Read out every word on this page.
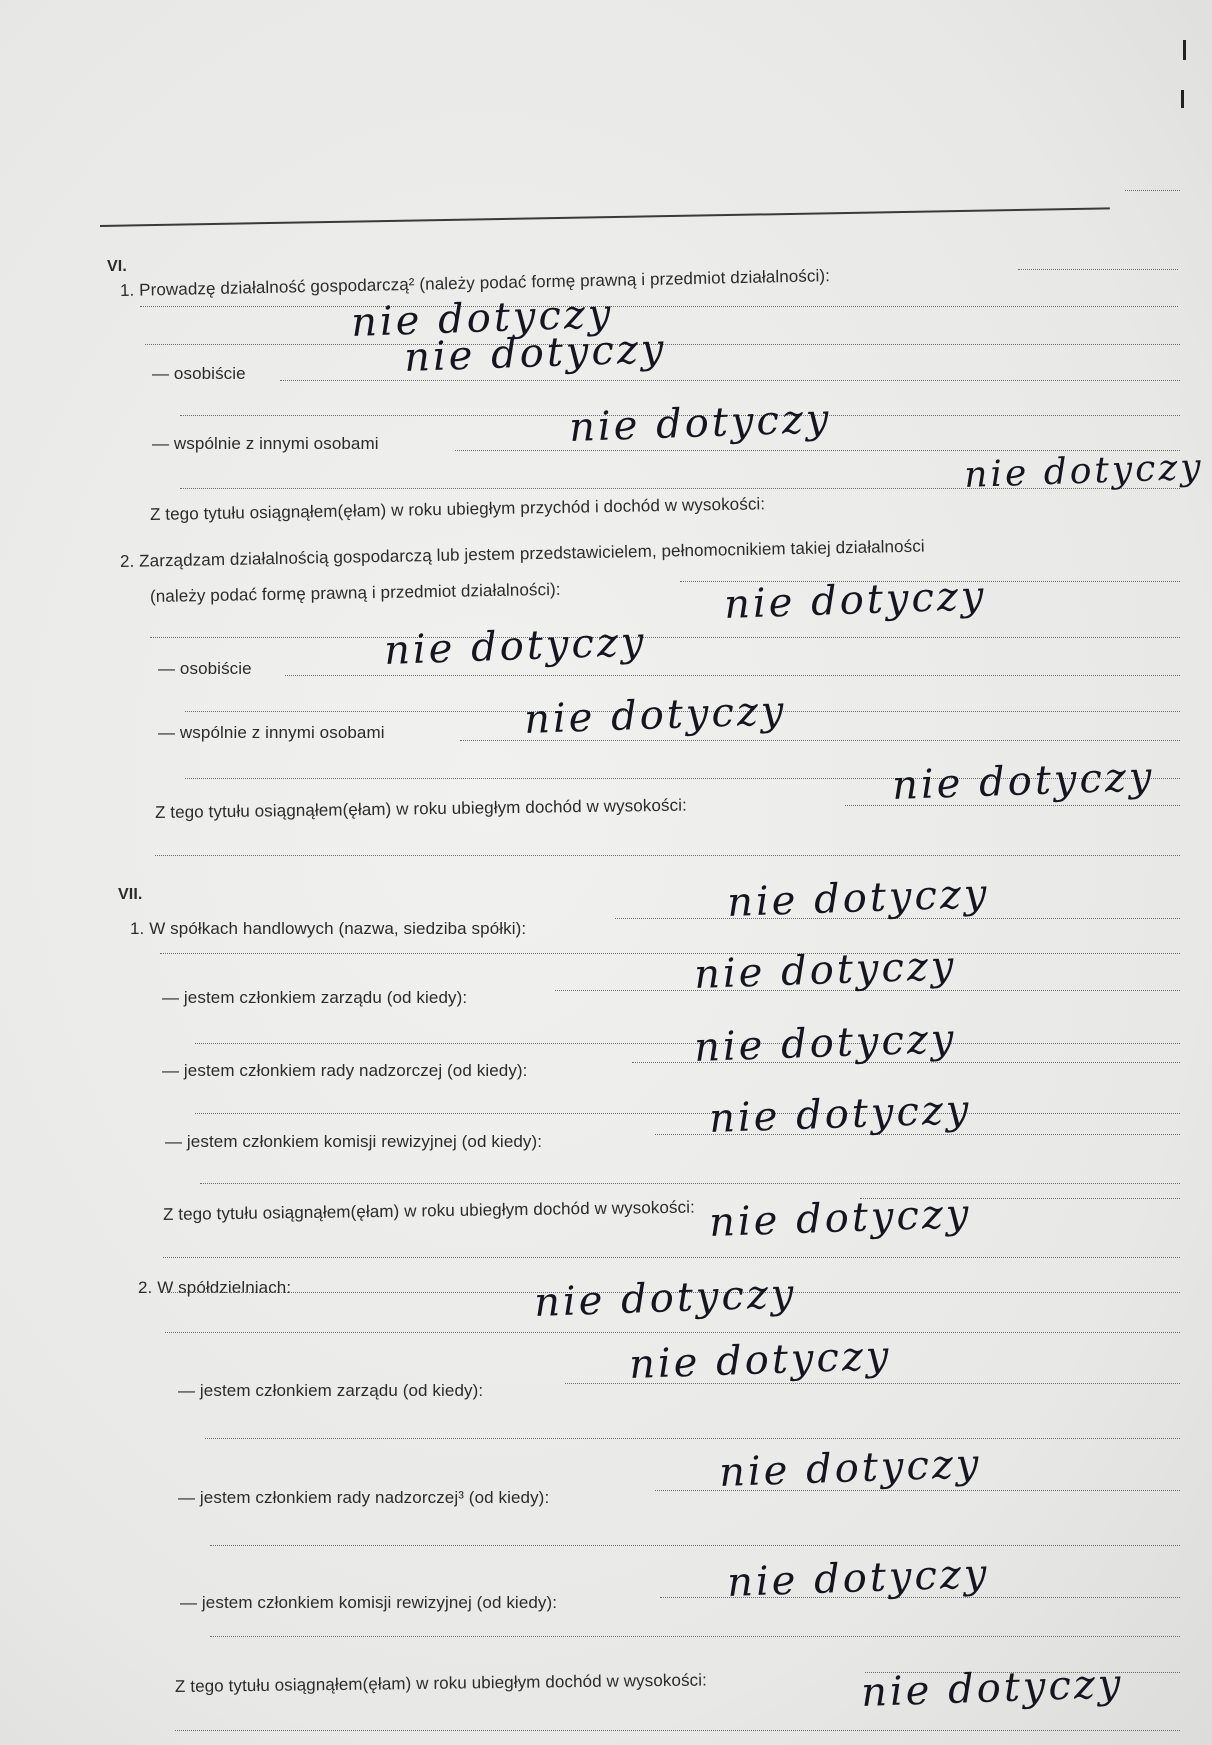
VI.
1. Prowadzę działalność gospodarczą² (należy podać formę prawną i przedmiot działalności):
nie dotyczy
— osobiście	nie dotyczy
— wspólnie z innymi osobami	nie dotyczy
Z tego tytułu osiągnąłem(ęłam) w roku ubiegłym przychód i dochód w wysokości:
nie dotyczy
2. Zarządzam działalnością gospodarczą lub jestem przedstawicielem, pełnomocnikiem takiej działalności
(należy podać formę prawną i przedmiot działalności):	nie dotyczy
— osobiście	nie dotyczy
— wspólnie z innymi osobami	nie dotyczy
Z tego tytułu osiągnąłem(ęłam) w roku ubiegłym dochód w wysokości:	nie dotyczy
VII.
1. W spółkach handlowych (nazwa, siedziba spółki):
nie dotyczy
— jestem członkiem zarządu (od kiedy):	nie dotyczy
— jestem członkiem rady nadzorczej (od kiedy):	nie dotyczy
— jestem członkiem komisji rewizyjnej (od kiedy):	nie dotyczy
Z tego tytułu osiągnąłem(ęłam) w roku ubiegłym dochód w wysokości: nie dotyczy
2. W spółdzielniach:	nie dotyczy
— jestem członkiem zarządu (od kiedy):
nie dotyczy
— jestem członkiem rady nadzorczej³ (od kiedy):
nie dotyczy
— jestem członkiem komisji rewizyjnej (od kiedy):	nie dotyczy
Z tego tytułu osiągnąłem(ęłam) w roku ubiegłym dochód w wysokości:	nie dotyczy
